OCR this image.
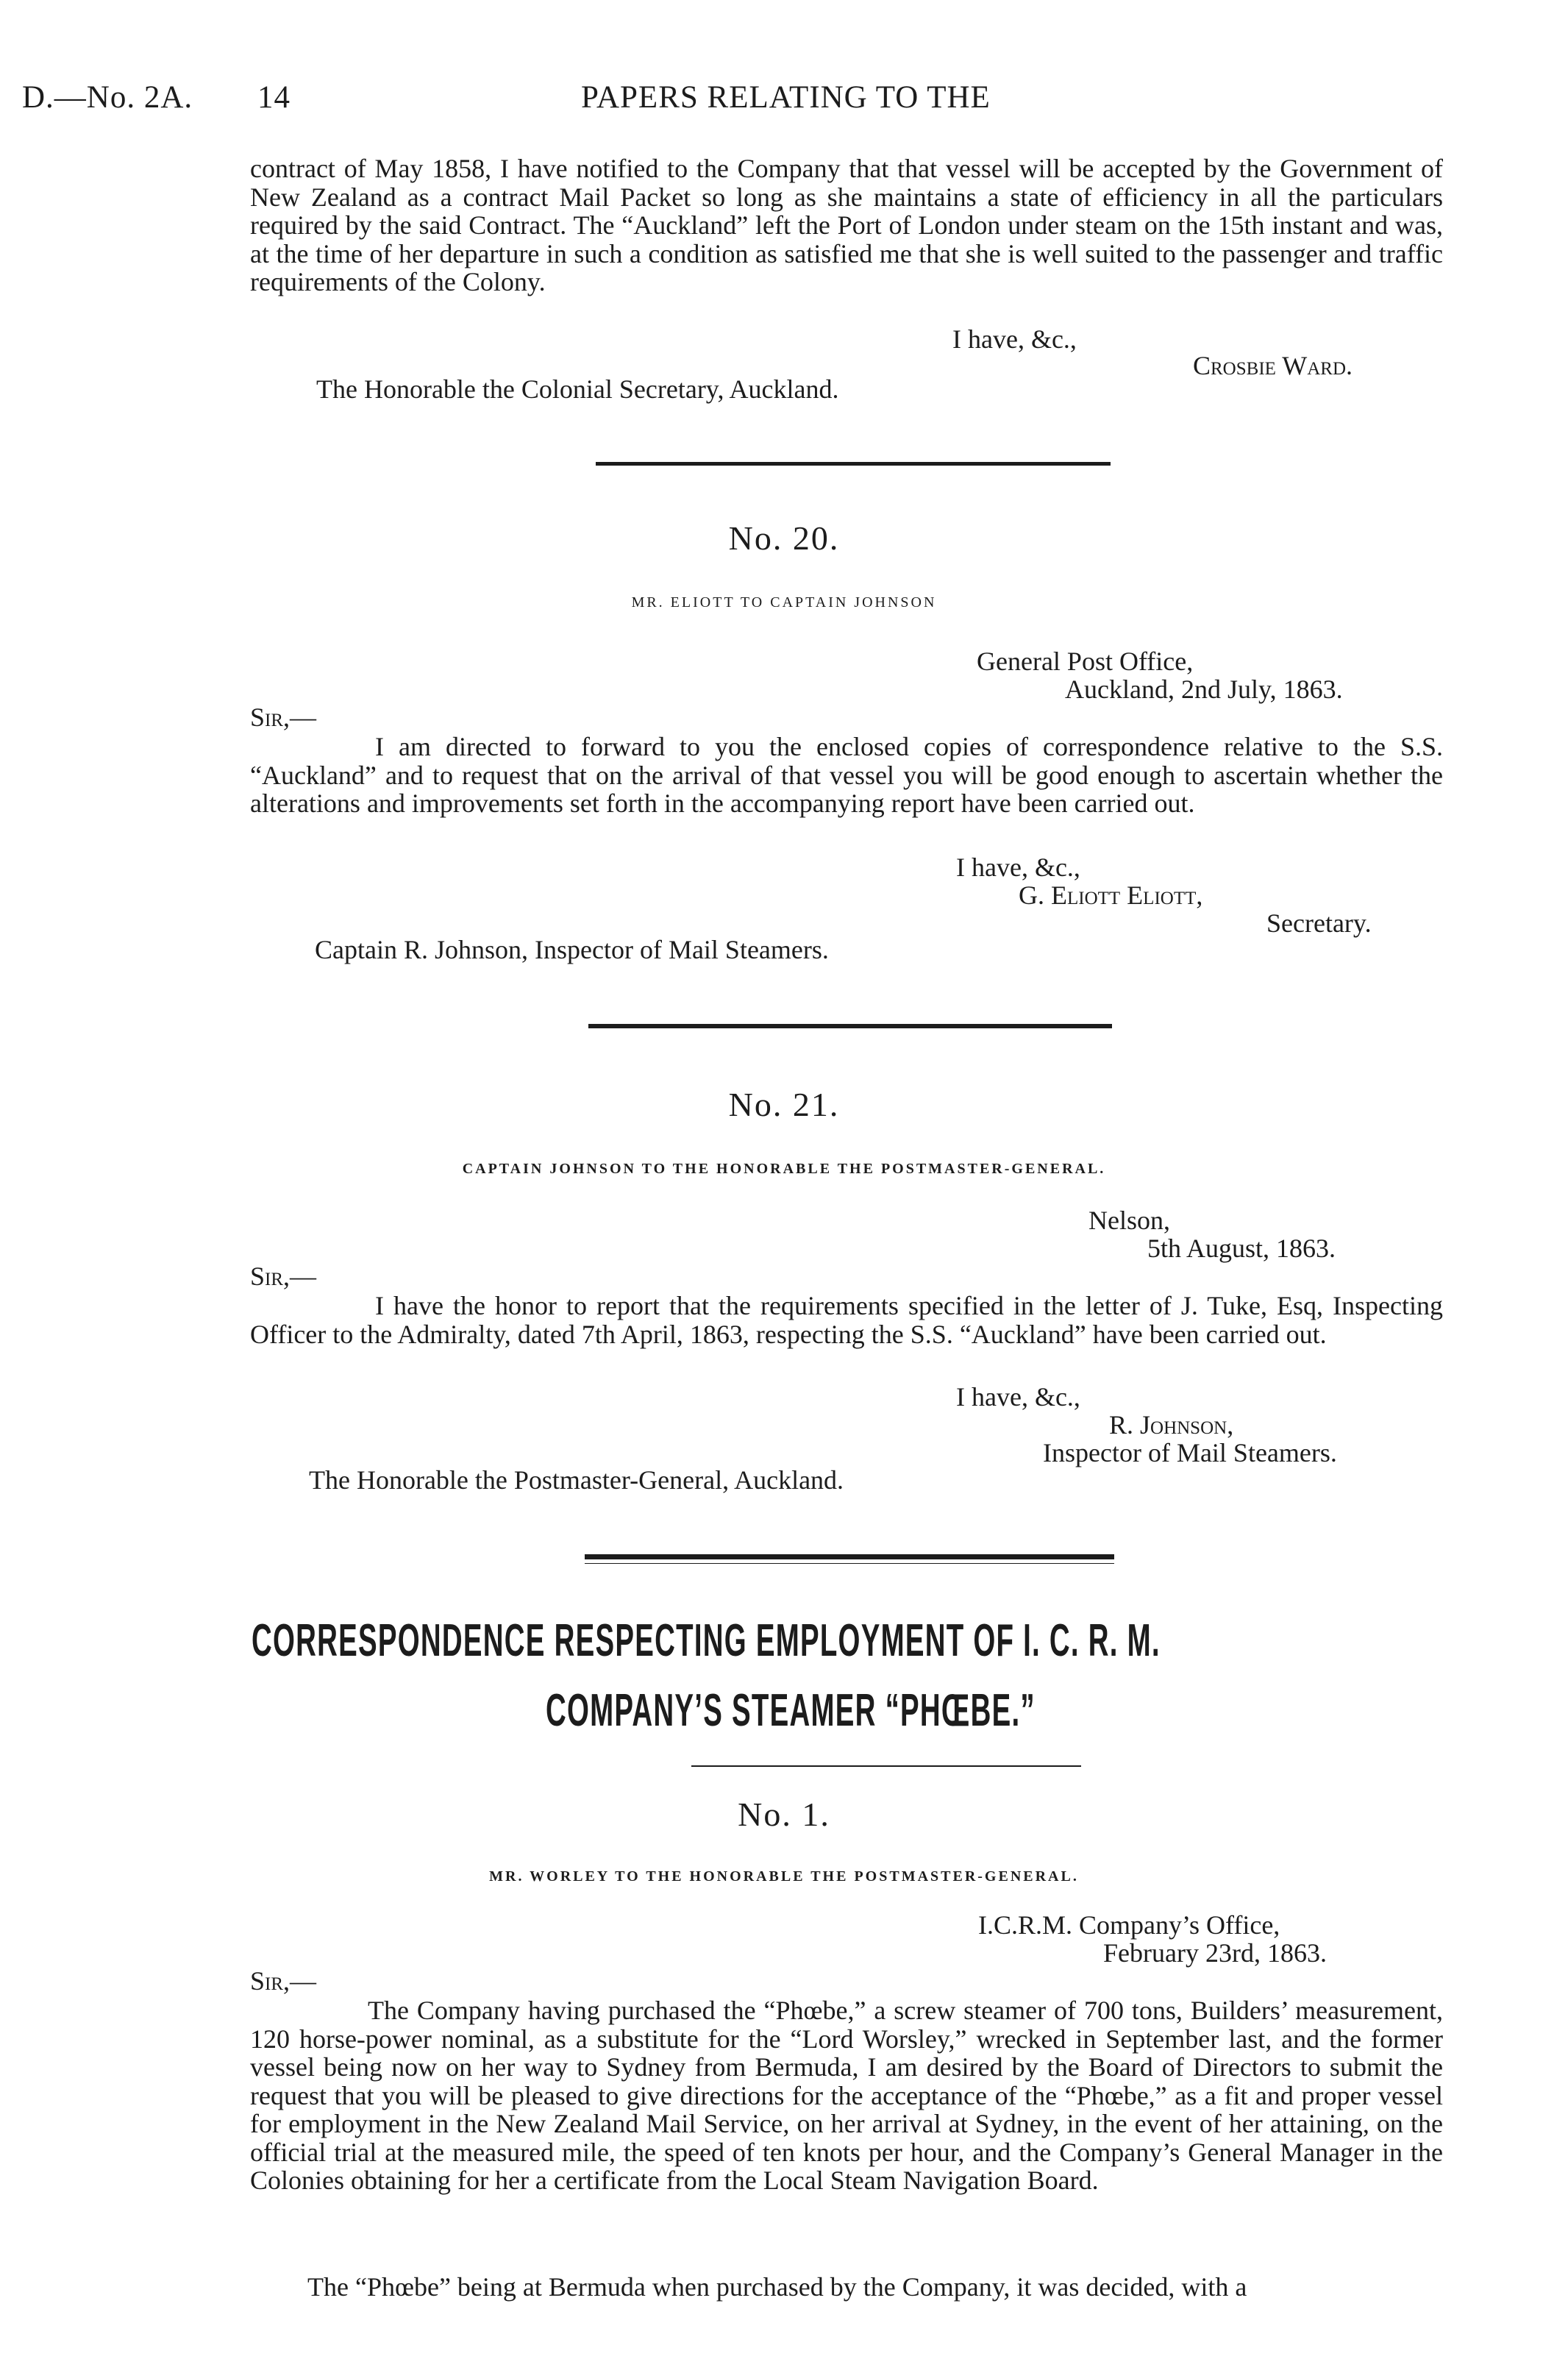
D.—No. 2A. 14	PAPERS RELATING TO THE
contract of May 1858, I have notified to the Company that that vessel will be accepted by the Government of New Zealand as a contract Mail Packet so long as she maintains a state of efficiency in all the particulars required by the said Contract. The “Auckland” left the Port of London under steam on the 15th instant and was, at the time of her departure in such a condition as satisfied me that she is well suited to the passenger and traffic requirements of the Colony.
I have, &c.,
Crosbie Ward.
The Honorable the Colonial Secretary, Auckland.
No. 20.
MR. ELIOTT TO CAPTAIN JOHNSON
General Post Office,
Auckland, 2nd July, 1863.
Sir,—
I am directed to forward to you the enclosed copies of correspondence relative to the S.S. “Auckland” and to request that on the arrival of that vessel you will be good enough to ascertain whether the alterations and improvements set forth in the accompanying report have been carried out.
I have, &c.,
G. Eliott Eliott,
Secretary.
Captain R. Johnson, Inspector of Mail Steamers.
No. 21.
CAPTAIN JOHNSON TO THE HONORABLE THE POSTMASTER-GENERAL.
Nelson,
5th August, 1863.
Sir,—
I have the honor to report that the requirements specified in the letter of J. Tuke, Esq, Inspecting Officer to the Admiralty, dated 7th April, 1863, respecting the S.S. “Auckland” have been carried out.
I have, &c.,
R. Johnson,
Inspector of Mail Steamers.
The Honorable the Postmaster-General, Auckland.
CORRESPONDENCE RESPECTING EMPLOYMENT OF I. C. R. M.
COMPANY’S STEAMER “PHŒBE.”
No. 1.
MR. WORLEY TO THE HONORABLE THE POSTMASTER-GENERAL.
I.C.R.M. Company’s Office,
February 23rd, 1863.
Sir,—
The Company having purchased the “Phœbe,” a screw steamer of 700 tons, Builders’ measurement, 120 horse-power nominal, as a substitute for the “Lord Worsley,” wrecked in September last, and the former vessel being now on her way to Sydney from Bermuda, I am desired by the Board of Directors to submit the request that you will be pleased to give directions for the acceptance of the “Phœbe,” as a fit and proper vessel for employment in the New Zealand Mail Service, on her arrival at Sydney, in the event of her attaining, on the official trial at the measured mile, the speed of ten knots per hour, and the Company’s General Manager in the Colonies obtaining for her a certificate from the Local Steam Navigation Board.
The “Phœbe” being at Bermuda when purchased by the Company, it was decided, with a
